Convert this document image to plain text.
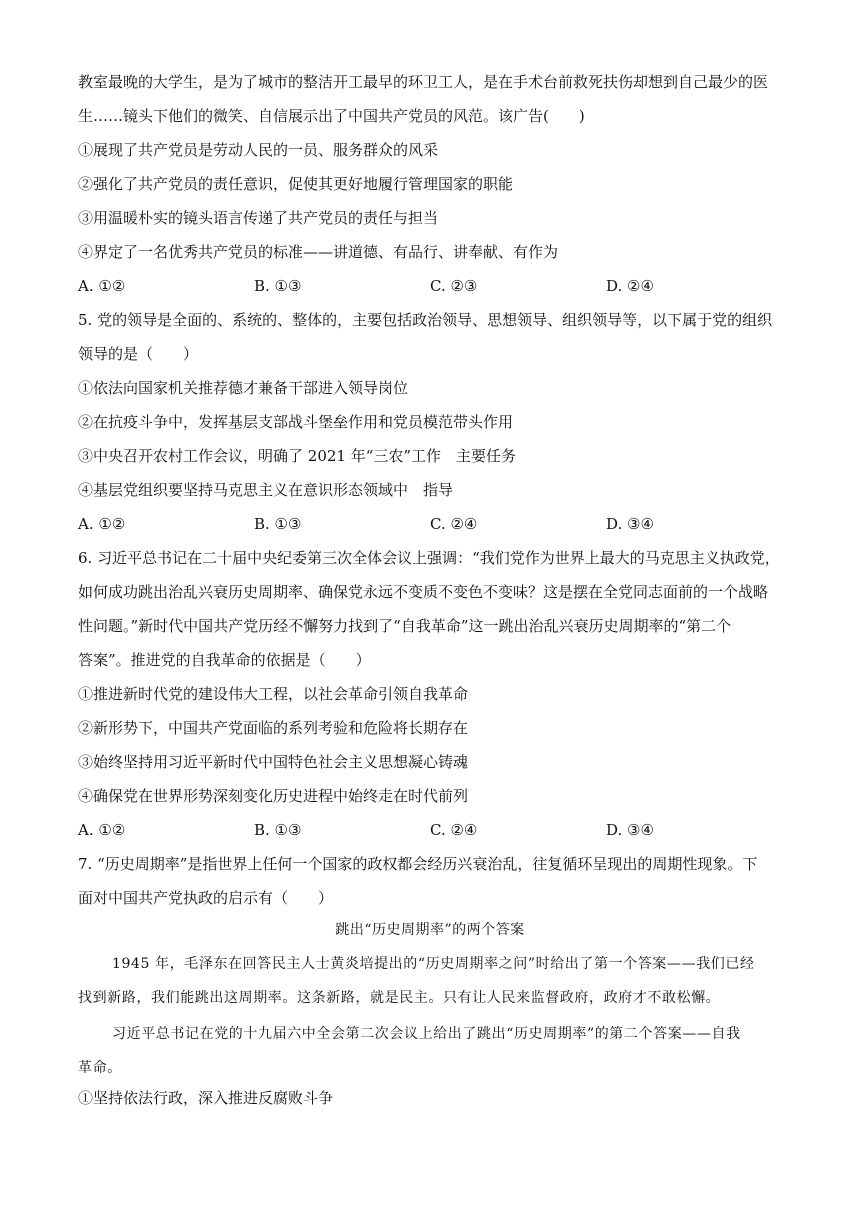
教室最晚的大学生，是为了城市的整洁开工最早的环卫工人，是在手术台前救死扶伤却想到自己最少的医
生……镜头下他们的微笑、自信展示出了中国共产党员的风范。该广告(　　)
①展现了共产党员是劳动人民的一员、服务群众的风采
②强化了共产党员的责任意识，促使其更好地履行管理国家的职能
③用温暖朴实的镜头语言传递了共产党员的责任与担当
④界定了一名优秀共产党员的标准——讲道德、有品行、讲奉献、有作为
A. ①②	B. ①③	C. ②③	D. ②④
5. 党的领导是全面的、系统的、整体的，主要包括政治领导、思想领导、组织领导等，以下属于党的组织
领导的是（　　）
①依法向国家机关推荐德才兼备干部进入领导岗位
②在抗疫斗争中，发挥基层支部战斗堡垒作用和党员模范带头作用
③中央召开农村工作会议，明确了 2021 年“三农”工作　主要任务
④基层党组织要坚持马克思主义在意识形态领域中　指导
A. ①②	B. ①③	C. ②④	D. ③④
6. 习近平总书记在二十届中央纪委第三次全体会议上强调：“我们党作为世界上最大的马克思主义执政党，
如何成功跳出治乱兴衰历史周期率、确保党永远不变质不变色不变味？这是摆在全党同志面前的一个战略
性问题。”新时代中国共产党历经不懈努力找到了“自我革命”这一跳出治乱兴衰历史周期率的“第二个
答案”。推进党的自我革命的依据是（　　）
①推进新时代党的建设伟大工程，以社会革命引领自我革命
②新形势下，中国共产党面临的系列考验和危险将长期存在
③始终坚持用习近平新时代中国特色社会主义思想凝心铸魂
④确保党在世界形势深刻变化历史进程中始终走在时代前列
A. ①②	B. ①③	C. ②④	D. ③④
7. “历史周期率”是指世界上任何一个国家的政权都会经历兴衰治乱，往复循环呈现出的周期性现象。下
面对中国共产党执政的启示有（　　）
跳出“历史周期率”的两个答案
1945 年，毛泽东在回答民主人士黄炎培提出的“历史周期率之问”时给出了第一个答案——我们已经
找到新路，我们能跳出这周期率。这条新路，就是民主。只有让人民来监督政府，政府才不敢松懈。
习近平总书记在党的十九届六中全会第二次会议上给出了跳出“历史周期率”的第二个答案——自我
革命。
①坚持依法行政，深入推进反腐败斗争
